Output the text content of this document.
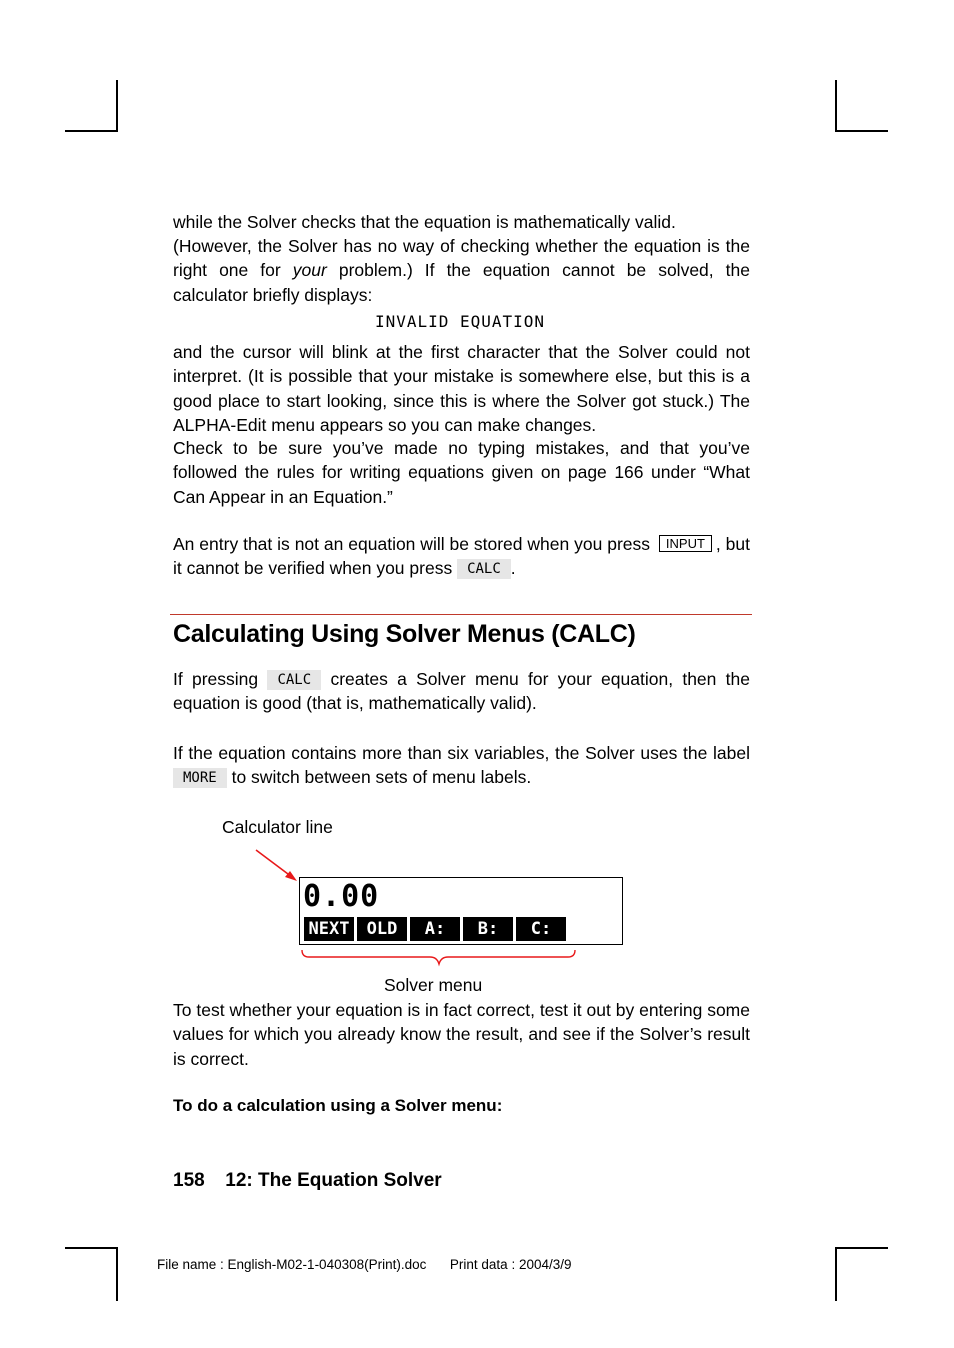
while the Solver checks that the equation is mathematically valid.

(However, the Solver has no way of checking whether the equation is the right one for your problem.) If the equation cannot be solved, the calculator briefly displays:
INVALID EQUATION
and the cursor will blink at the first character that the Solver could not interpret. (It is possible that your mistake is somewhere else, but this is a good place to start looking, since this is where the Solver got stuck.) The ALPHA-Edit menu appears so you can make changes.
Check to be sure you’ve made no typing mistakes, and that you’ve followed the rules for writing equations given on page 166 under “What Can Appear in an Equation.”
An entry that is not an equation will be stored when you press INPUT , but it cannot be verified when you press CALC .
Calculating Using Solver Menus (CALC)
If pressing CALC creates a Solver menu for your equation, then the equation is good (that is, mathematically valid).
If the equation contains more than six variables, the Solver uses the label MORE to switch between sets of menu labels.
Calculator line
0.00
NEXT	OLD	A:	B:	C:
Solver menu
To test whether your equation is in fact correct, test it out by entering some values for which you already know the result, and see if the Solver’s result is correct.
To do a calculation using a Solver menu:
158 12: The Equation Solver
File name : English-M02-1-040308(Print).doc Print data : 2004/3/9
